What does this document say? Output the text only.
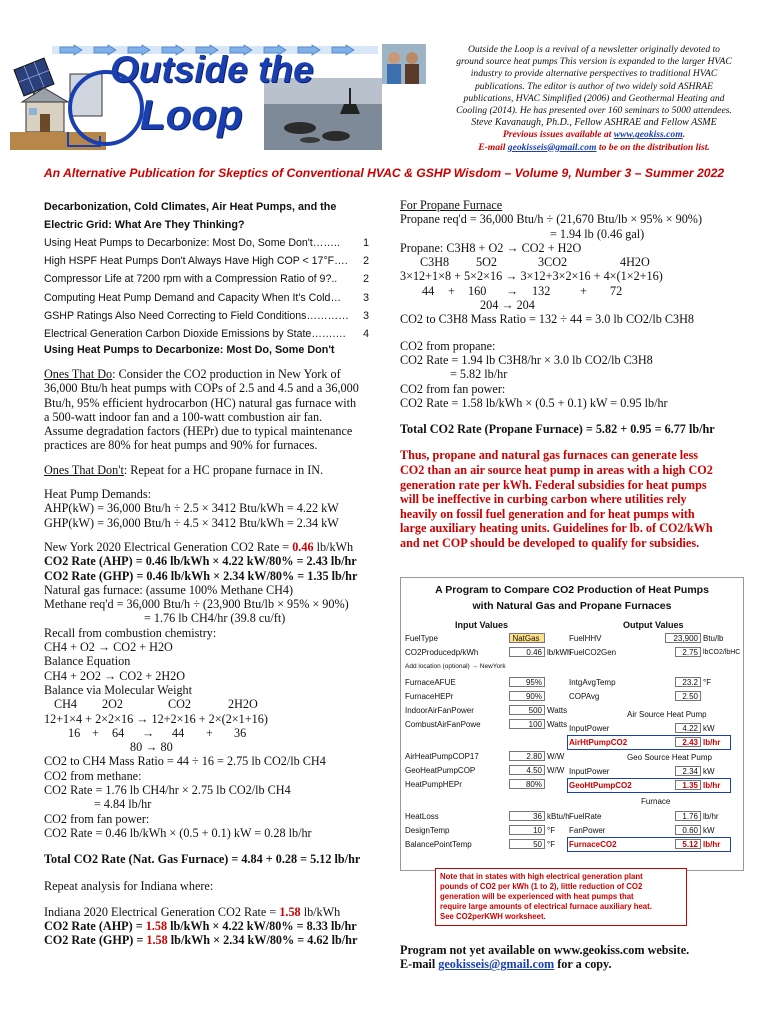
Outside the
Loop
Outside the Loop is a revival of a newsletter originally devoted to
ground source heat pumps This version is expanded to the larger HVAC
industry to provide alternative perspectives to traditional HVAC
publications. The editor is author of two widely sold ASHRAE
publications, HVAC Simplified (2006) and Geothermal Heating and
Cooling (2014). He has presented over 160 seminars to 5000 attendees.
Steve Kavanaugh, Ph.D., Fellow ASHRAE and Fellow ASME
Previous issues available at www.geokiss.com.
E-mail geokisseis@gmail.com to be on the distribution list.
An Alternative Publication for Skeptics of Conventional HVAC & GSHP Wisdom – Volume 9, Number 3 – Summer 2022
Decarbonization, Cold Climates, Air Heat Pumps, and the
Electric Grid: What Are They Thinking?
Using Heat Pumps to Decarbonize: Most Do, Some Don't ……..	1
High HSPF Heat Pumps Don't Always Have High COP < 17°F ….	2
Compressor Life at 7200 rpm with a Compression Ratio of 9? ..	2
Computing Heat Pump Demand and Capacity When It's Cold …	3
GSHP Ratings Also Need Correcting to Field Conditions …………	3
Electrical Generation Carbon Dioxide Emissions by State …….…	4
Using Heat Pumps to Decarbonize: Most Do, Some Don't
Ones That Do: Consider the CO2 production in New York of
36,000 Btu/h heat pumps with COPs of 2.5 and 4.5 and a 36,000
Btu/h, 95% efficient hydrocarbon (HC) natural gas furnace with
a 500-watt indoor fan and a 100-watt combustion air fan.
Assume degradation factors (HEPr) due to typical maintenance
practices are 80% for heat pumps and 90% for furnaces.
Ones That Don't: Repeat for a HC propane furnace in IN.
Heat Pump Demands:
AHP(kW) = 36,000 Btu/h ÷ 2.5 × 3412 Btu/kWh = 4.22 kW
GHP(kW) = 36,000 Btu/h ÷ 4.5 × 3412 Btu/kWh = 2.34 kW
New York 2020 Electrical Generation CO2 Rate = 0.46 lb/kWh
CO2 Rate (AHP) = 0.46 lb/kWh × 4.22 kW/80% = 2.43 lb/hr
CO2 Rate (GHP) = 0.46 lb/kWh × 2.34 kW/80% = 1.35 lb/hr
Natural gas furnace: (assume 100% Methane CH4)
Methane req'd = 36,000 Btu/h ÷ (23,900 Btu/lb × 95% × 90%)
= 1.76 lb CH4/hr (39.8 cu/ft)
Recall from combustion chemistry:
CH4 + O2 → CO2 + H2O
Balance Equation
CH4 + 2O2 → CO2 + 2H2O
Balance via Molecular Weight
CH4 2O2	CO2	2H2O
12+1×4 + 2×2×16 → 12+2×16 + 2×(2×1+16)
16 + 64 → 44 + 36
80 → 80
CO2 to CH4 Mass Ratio = 44 ÷ 16 = 2.75 lb CO2/lb CH4
CO2 from methane:
CO2 Rate = 1.76 lb CH4/hr × 2.75 lb CO2/lb CH4
= 4.84 lb/hr
CO2 from fan power:
CO2 Rate = 0.46 lb/kWh × (0.5 + 0.1) kW = 0.28 lb/hr
Total CO2 Rate (Nat. Gas Furnace) = 4.84 + 0.28 = 5.12 lb/hr
Repeat analysis for Indiana where:
Indiana 2020 Electrical Generation CO2 Rate = 1.58 lb/kWh
CO2 Rate (AHP) = 1.58 lb/kWh × 4.22 kW/80% = 8.33 lb/hr
CO2 Rate (GHP) = 1.58 lb/kWh × 2.34 kW/80% = 4.62 lb/hr
For Propane Furnace
Propane req'd = 36,000 Btu/h ÷ (21,670 Btu/lb × 95% × 90%)
= 1.94 lb (0.46 gal)
Propane: C3H8 + O2 → CO2 + H2O
C3H8 5O2	3CO2	4H2O
3×12+1×8 + 5×2×16 → 3×12+3×2×16 + 4×(1×2+16)
44 + 160 → 132 + 72
204 → 204
CO2 to C3H8 Mass Ratio = 132 ÷ 44 = 3.0 lb CO2/lb C3H8
CO2 from propane:
CO2 Rate = 1.94 lb C3H8/hr × 3.0 lb CO2/lb C3H8
= 5.82 lb/hr
CO2 from fan power:
CO2 Rate = 1.58 lb/kWh × (0.5 + 0.1) kW = 0.95 lb/hr
Total CO2 Rate (Propane Furnace) = 5.82 + 0.95 = 6.77 lb/hr
Thus, propane and natural gas furnaces can generate less
CO2 than an air source heat pump in areas with a high CO2
generation rate per kWh. Federal subsidies for heat pumps
will be ineffective in curbing carbon where utilities rely
heavily on fossil fuel generation and for heat pumps with
large auxiliary heating units. Guidelines for lb. of CO2/kWh
and net COP should be developed to qualify for subsidies.
A Program to Compare CO2 Production of Heat Pumps
with Natural Gas and Propane Furnaces
Input Values	Output Values
FuelType	NatGas
CO2Producedp/kWh	0.46 lb/kWh
Add location (optional) → NewYork
FurnaceAFUE	95%
FurnaceHEPr	90%
IndoorAirFanPower	500 Watts
CombustAirFanPowe	100 Watts
AirHeatPumpCOP17	2.80 W/W
GeoHeatPumpCOP	4.50 W/W
HeatPumpHEPr	80%
HeatLoss	36 kBtu/h
DesignTemp	10 °F
BalancePointTemp	50 °F
FuelHHV	23,900 Btu/lb
FuelCO2Gen	2.75 lbCO2/lbHC
IntgAvgTemp	23.2 °F
COPAvg	2.50
Air Source Heat Pump
InputPower	4.22 kW
AirHtPumpCO2	2.43 lb/hr
Geo Source Heat Pump
InputPower	2.34 kW
GeoHtPumpCO2	1.35 lb/hr
Furnace
FuelRate	1.76 lb/hr
FanPower	0.60 kW
FurnaceCO2	5.12 lb/hr
Note that in states with high electrical generation plant
pounds of CO2 per kWh (1 to 2), little reduction of CO2
generation will be experienced with heat pumps that
require large amounts of electrical furnace auxiliary heat.
See CO2perKWH worksheet.
Program not yet available on www.geokiss.com website.
E-mail geokisseis@gmail.com for a copy.
